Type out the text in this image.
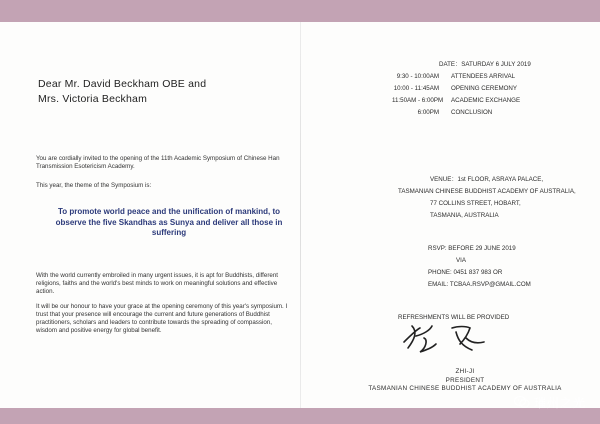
Dear Mr. David Beckham OBE and
Mrs. Victoria Beckham
You are cordially invited to the opening of the 11th Academic Symposium of Chinese Han Transmission Esotericism Academy.
This year, the theme of the Symposium is:
To promote world peace and the unification of mankind, to observe the five Skandhas as Sunya and deliver all those in suffering
With the world currently embroiled in many urgent issues, it is apt for Buddhists, different religions, faiths and the world's best minds to work on meaningful solutions and effective action.
It will be our honour to have your grace at the opening ceremony of this year's symposium. I trust that your presence will encourage the current and future generations of Buddhist practitioners, scholars and leaders to contribute towards the spreading of compassion, wisdom and positive energy for global benefit.
DATE：SATURDAY 6 JULY 2019
9:30 - 10:00AM ATTENDEES ARRIVAL
10:00 - 11:45AM OPENING CEREMONY
11:50AM - 6:00PM ACADEMIC EXCHANGE
6:00PM CONCLUSION
VENUE：1st FLOOR, ASRAYA PALACE,
TASMANIAN CHINESE BUDDHIST ACADEMY OF AUSTRALIA,
77 COLLINS STREET, HOBART,
TASMANIA, AUSTRALIA
RSVP: BEFORE 29 JUNE 2019
VIA
PHONE: 0451 837 983 OR
EMAIL: TCBAA.RSVP@GMAIL.COM
REFRESHMENTS WILL BE PROVIDED
ZHI-JI
PRESIDENT
TASMANIAN CHINESE BUDDHIST ACADEMY OF AUSTRALIA
璀州之光
